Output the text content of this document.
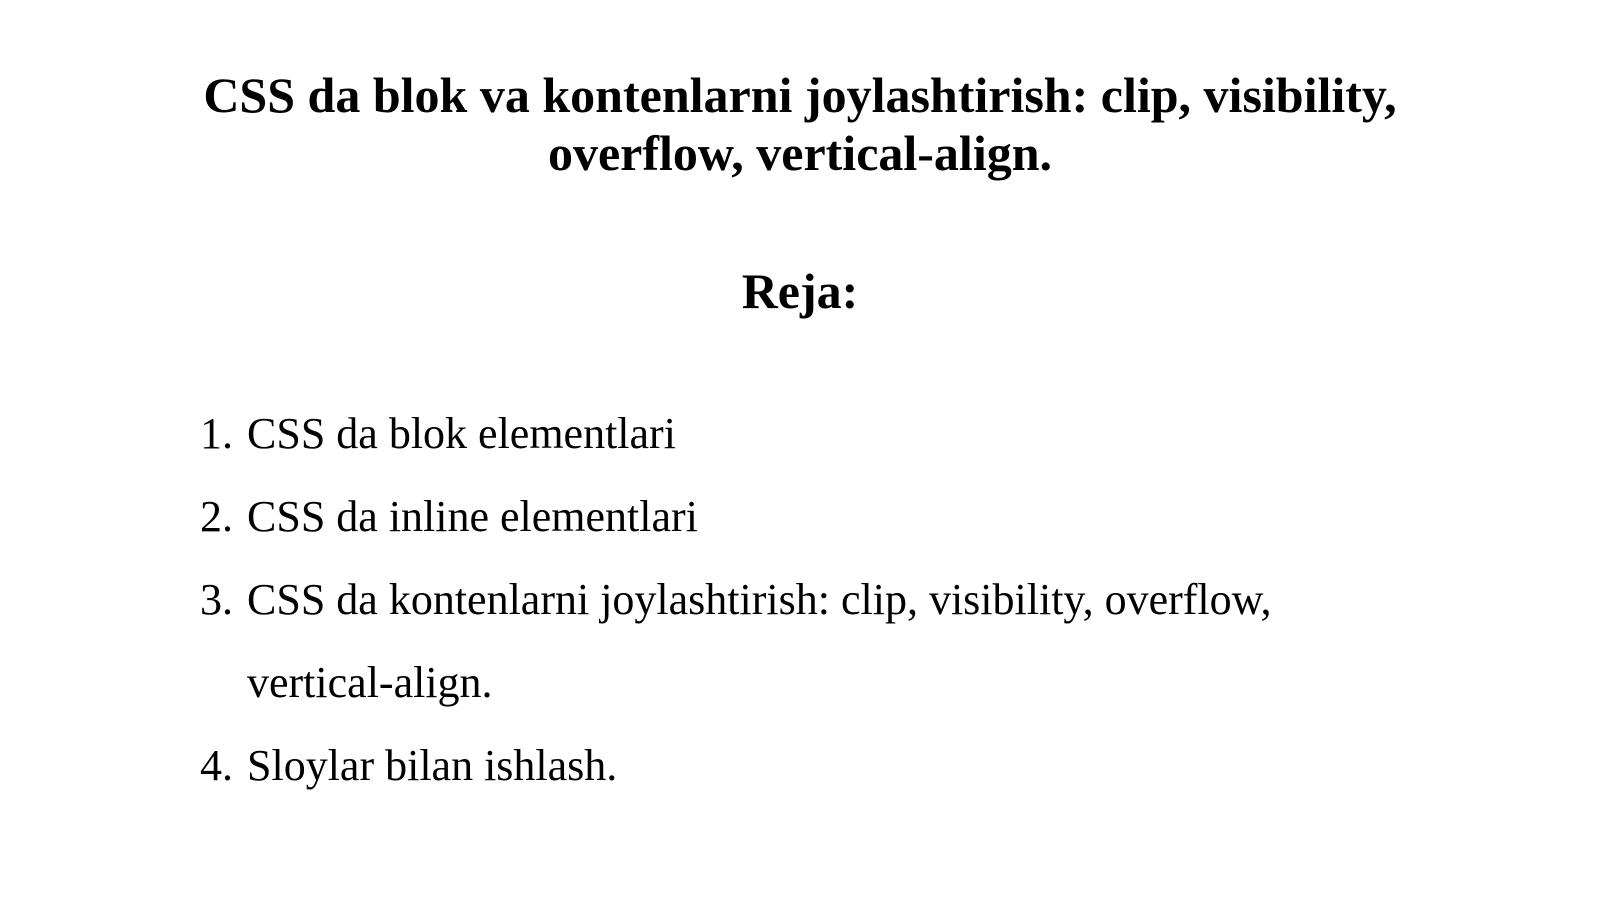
CSS da blok va kontenlarni joylashtirish: clip, visibility, overflow, vertical-align.
Reja:
1. CSS da blok elementlari
2. CSS da inline elementlari
3. CSS da kontenlarni joylashtirish: clip, visibility, overflow, vertical-align.
4. Sloylar bilan ishlash.
